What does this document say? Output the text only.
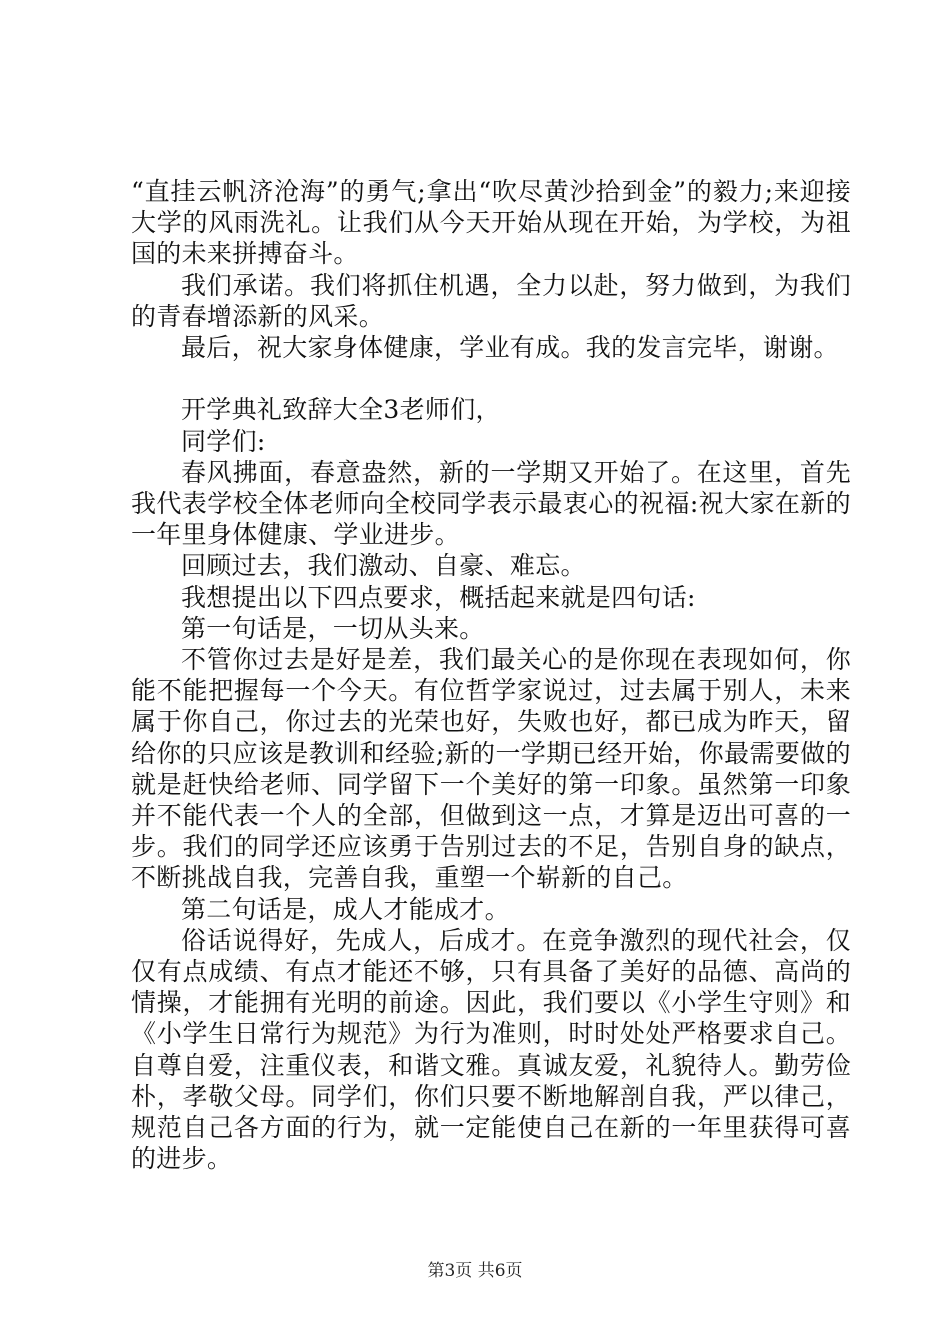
“直挂云帆济沧海”的勇气;拿出“吹尽黄沙拾到金”的毅力;来迎接大学的风雨洗礼。让我们从今天开始从现在开始，为学校，为祖国的未来拼搏奋斗。

我们承诺。我们将抓住机遇，全力以赴，努力做到，为我们的青春增添新的风采。

最后，祝大家身体健康，学业有成。我的发言完毕，谢谢。

开学典礼致辞大全3老师们，

同学们:

春风拂面，春意盎然，新的一学期又开始了。在这里，首先我代表学校全体老师向全校同学表示最衷心的祝福:祝大家在新的一年里身体健康、学业进步。

回顾过去，我们激动、自豪、难忘。

我想提出以下四点要求，概括起来就是四句话:

第一句话是，一切从头来。

不管你过去是好是差，我们最关心的是你现在表现如何，你能不能把握每一个今天。有位哲学家说过，过去属于别人，未来属于你自己，你过去的光荣也好，失败也好，都已成为昨天，留给你的只应该是教训和经验;新的一学期已经开始，你最需要做的就是赶快给老师、同学留下一个美好的第一印象。虽然第一印象并不能代表一个人的全部，但做到这一点，才算是迈出可喜的一步。我们的同学还应该勇于告别过去的不足，告别自身的缺点，不断挑战自我，完善自我，重塑一个崭新的自己。

第二句话是，成人才能成才。

俗话说得好，先成人，后成才。在竞争激烈的现代社会，仅仅有点成绩、有点才能还不够，只有具备了美好的品德、高尚的情操，才能拥有光明的前途。因此，我们要以《小学生守则》和《小学生日常行为规范》为行为准则，时时处处严格要求自己。自尊自爱，注重仪表，和谐文雅。真诚友爱，礼貌待人。勤劳俭朴，孝敬父母。同学们，你们只要不断地解剖自我，严以律己，规范自己各方面的行为，就一定能使自己在新的一年里获得可喜的进步。

第3页 共6页
